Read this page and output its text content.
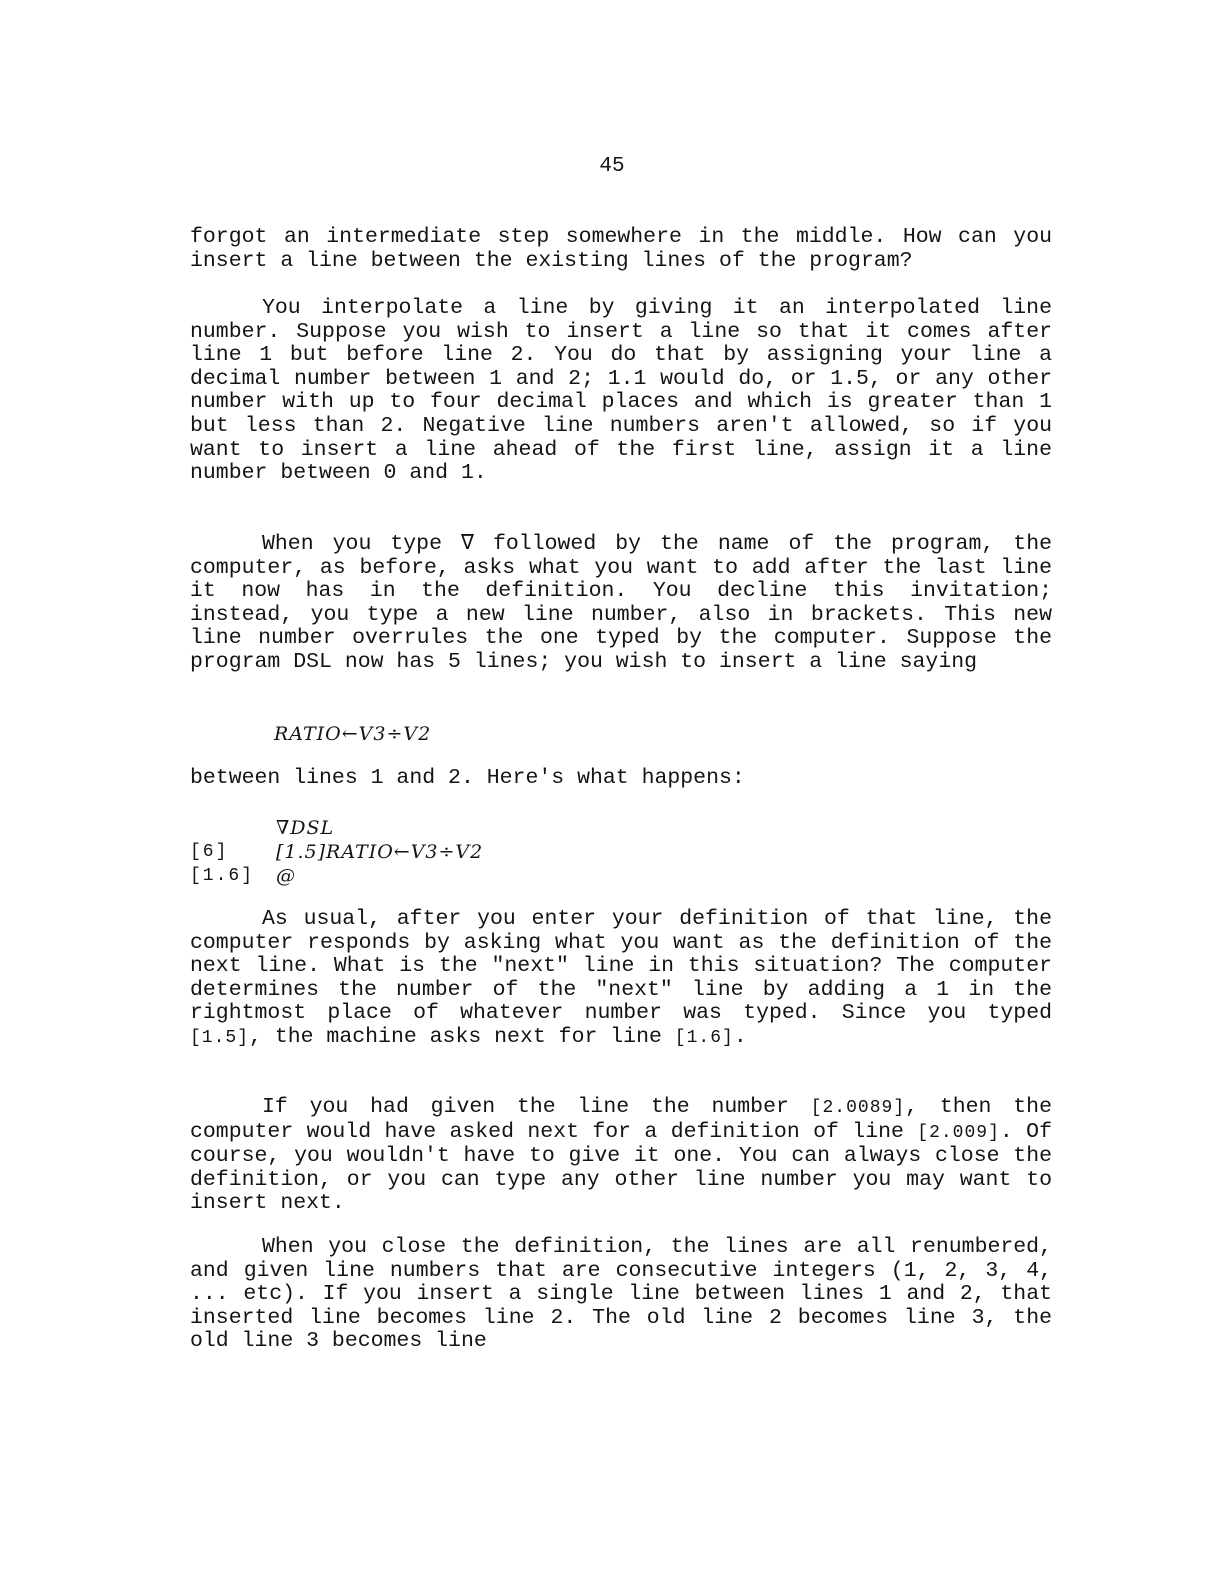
45

forgot an intermediate step somewhere in the middle. How can you insert a line between the existing lines of the program?

You interpolate a line by giving it an interpolated line number. Suppose you wish to insert a line so that it comes after line 1 but before line 2. You do that by assigning your line a decimal number between 1 and 2; 1.1 would do, or 1.5, or any other number with up to four decimal places and which is greater than 1 but less than 2. Negative line numbers aren't allowed, so if you want to insert a line ahead of the first line, assign it a line number between 0 and 1.

When you type ∇ followed by the name of the program, the computer, as before, asks what you want to add after the last line it now has in the definition. You decline this invitation; instead, you type a new line number, also in brackets. This new line number overrules the one typed by the computer. Suppose the program DSL now has 5 lines; you wish to insert a line saying

RATIO←V3÷V2

between lines 1 and 2. Here's what happens:

∇DSL
[6]	[1.5]RATIO←V3÷V2
[1.6] @

As usual, after you enter your definition of that line, the computer responds by asking what you want as the definition of the next line. What is the "next" line in this situation? The computer determines the number of the "next" line by adding a 1 in the rightmost place of whatever number was typed. Since you typed [1.5], the machine asks next for line [1.6].

If you had given the line the number [2.0089], then the computer would have asked next for a definition of line [2.009]. Of course, you wouldn't have to give it one. You can always close the definition, or you can type any other line number you may want to insert next.

When you close the definition, the lines are all renumbered, and given line numbers that are consecutive integers (1, 2, 3, 4, ... etc). If you insert a single line between lines 1 and 2, that inserted line becomes line 2. The old line 2 becomes line 3, the old line 3 becomes line
